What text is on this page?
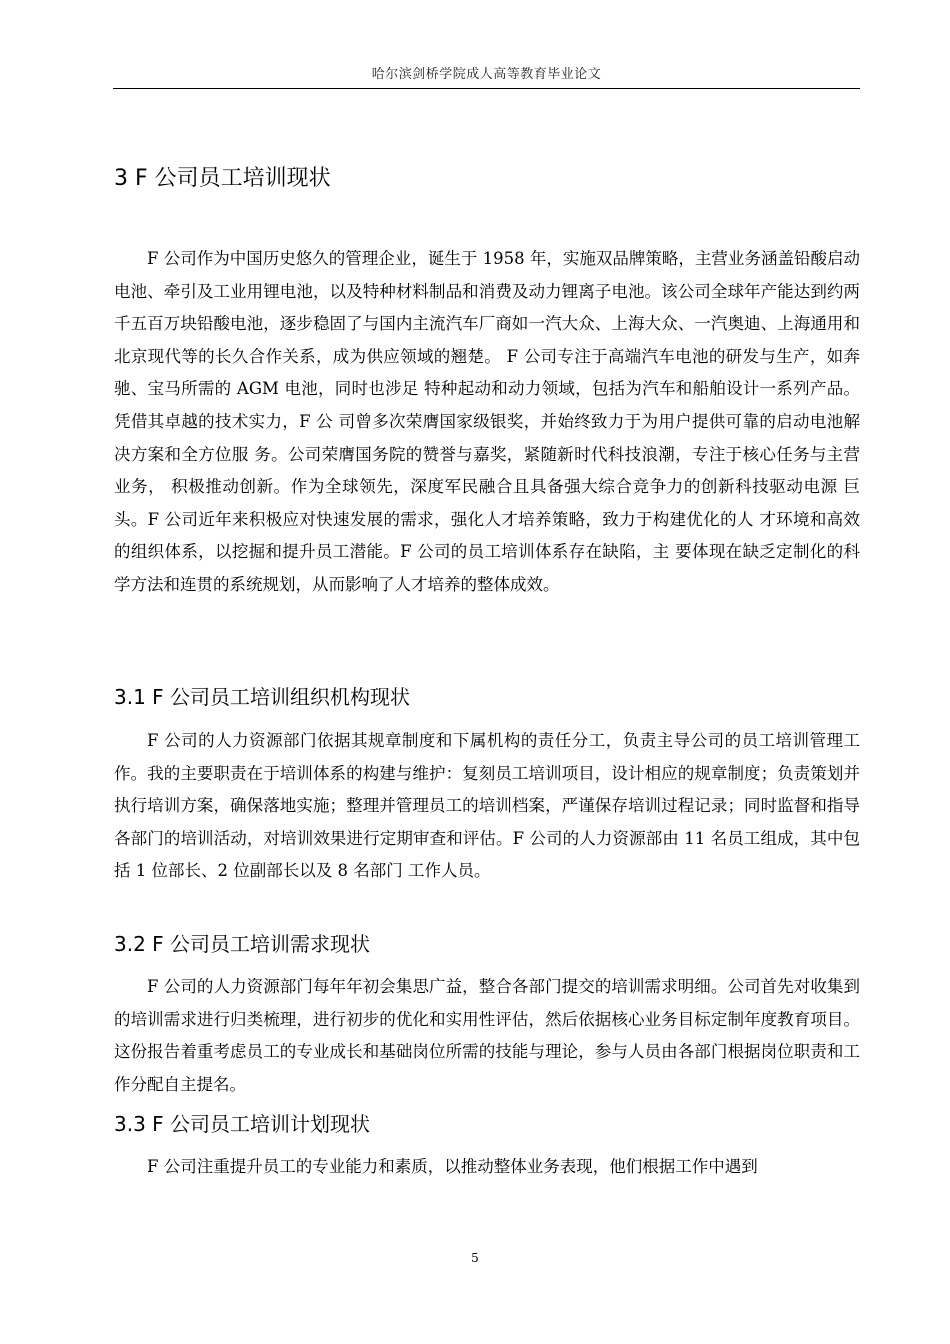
哈尔滨剑桥学院成人高等教育毕业论文
3 F 公司员工培训现状

F 公司作为中国历史悠久的管理企业，诞生于 1958 年，实施双品牌策略，主营业务涵盖铅酸启动电池、牵引及工业用锂电池，以及特种材料制品和消费及动力锂离子电池。该公司全球年产能达到约两千五百万块铅酸电池，逐步稳固了与国内主流汽车厂商如一汽大众、上海大众、一汽奥迪、上海通用和北京现代等的长久合作关系，成为供应领域的翘楚。 F 公司专注于高端汽车电池的研发与生产，如奔驰、宝马所需的 AGM 电池，同时也涉足 特种起动和动力领域，包括为汽车和船舶设计一系列产品。凭借其卓越的技术实力，F 公 司曾多次荣膺国家级银奖，并始终致力于为用户提供可靠的启动电池解决方案和全方位服 务。公司荣膺国务院的赞誉与嘉奖，紧随新时代科技浪潮，专注于核心任务与主营业务， 积极推动创新。作为全球领先，深度军民融合且具备强大综合竞争力的创新科技驱动电源 巨头。F 公司近年来积极应对快速发展的需求，强化人才培养策略，致力于构建优化的人 才环境和高效的组织体系，以挖掘和提升员工潜能。F 公司的员工培训体系存在缺陷，主 要体现在缺乏定制化的科学方法和连贯的系统规划，从而影响了人才培养的整体成效。

3.1 F 公司员工培训组织机构现状

F 公司的人力资源部门依据其规章制度和下属机构的责任分工，负责主导公司的员工培训管理工作。我的主要职责在于培训体系的构建与维护：复刻员工培训项目，设计相应的规章制度；负责策划并执行培训方案，确保落地实施；整理并管理员工的培训档案，严谨保存培训过程记录；同时监督和指导各部门的培训活动，对培训效果进行定期审查和评估。F 公司的人力资源部由 11 名员工组成，其中包括 1 位部长、2 位副部长以及 8 名部门 工作人员。

3.2 F 公司员工培训需求现状

F 公司的人力资源部门每年年初会集思广益，整合各部门提交的培训需求明细。公司首先对收集到的培训需求进行归类梳理，进行初步的优化和实用性评估，然后依据核心业务目标定制年度教育项目。这份报告着重考虑员工的专业成长和基础岗位所需的技能与理论，参与人员由各部门根据岗位职责和工作分配自主提名。

3.3 F 公司员工培训计划现状

F 公司注重提升员工的专业能力和素质，以推动整体业务表现，他们根据工作中遇到

5
